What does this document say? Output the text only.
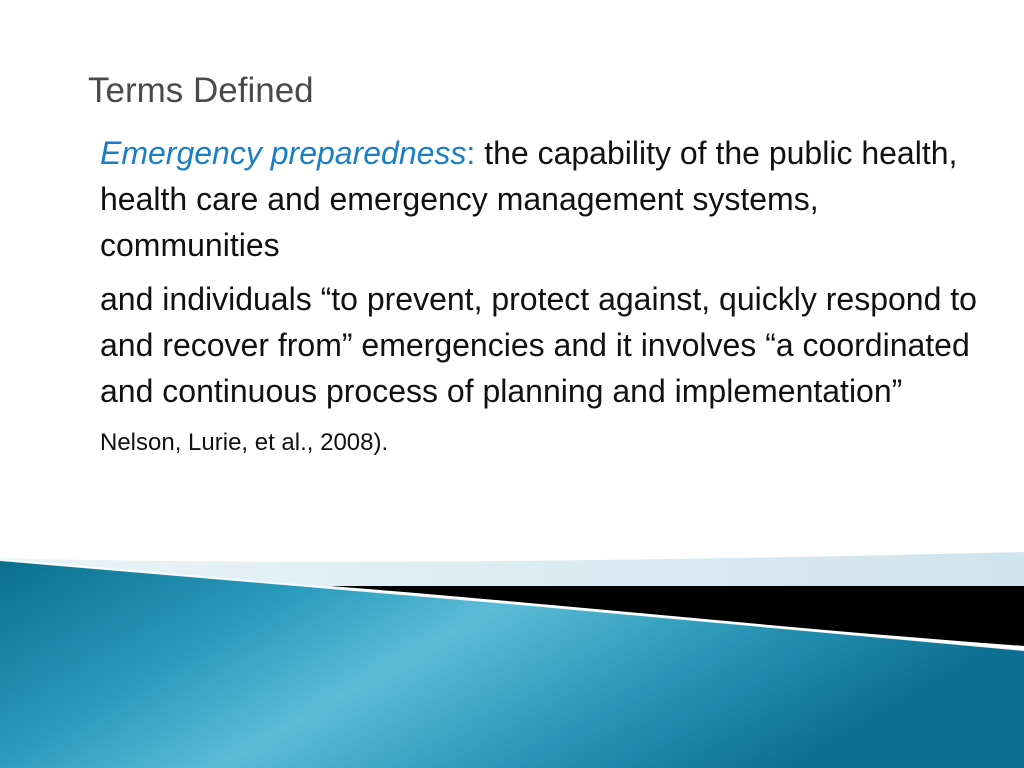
Terms Defined

Emergency preparedness: the capability of the public health, health care and emergency management systems, communities

and individuals “to prevent, protect against, quickly respond to and recover from” emergencies and it involves “a coordinated and continuous process of planning and implementation”

Nelson, Lurie, et al., 2008).
